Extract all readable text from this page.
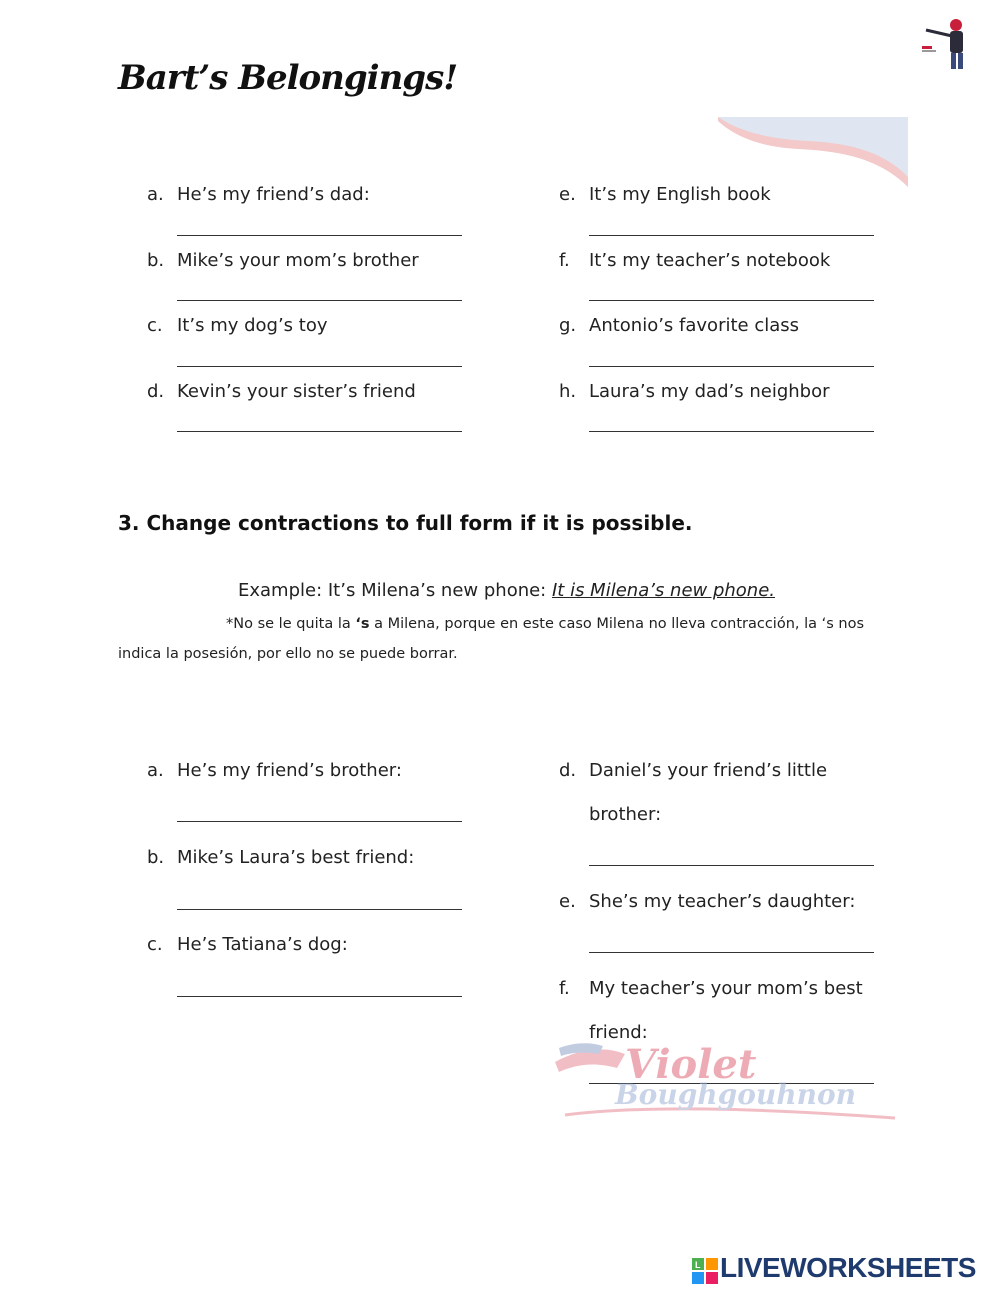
Bart’s Belongings!
a. He’s my friend’s dad:
b. Mike’s your mom’s brother
c. It’s my dog’s toy
d. Kevin’s your sister’s friend
e. It’s my English book
f. It’s my teacher’s notebook
g. Antonio’s favorite class
h. Laura’s my dad’s neighbor
3. Change contractions to full form if it is possible.
Example: It’s Milena’s new phone: It is Milena’s new phone.
*No se le quita la ‘s a Milena, porque en este caso Milena no lleva contracción, la ‘s nos
indica la posesión, por ello no se puede borrar.
a. He’s my friend’s brother:
b. Mike’s Laura’s best friend:
c. He’s Tatiana’s dog:
d. Daniel’s your friend’s little
brother:
e. She’s my teacher’s daughter:
f. My teacher’s your mom’s best
friend:
Violet
Boughgouhnon
L LIVEWORKSHEETS
